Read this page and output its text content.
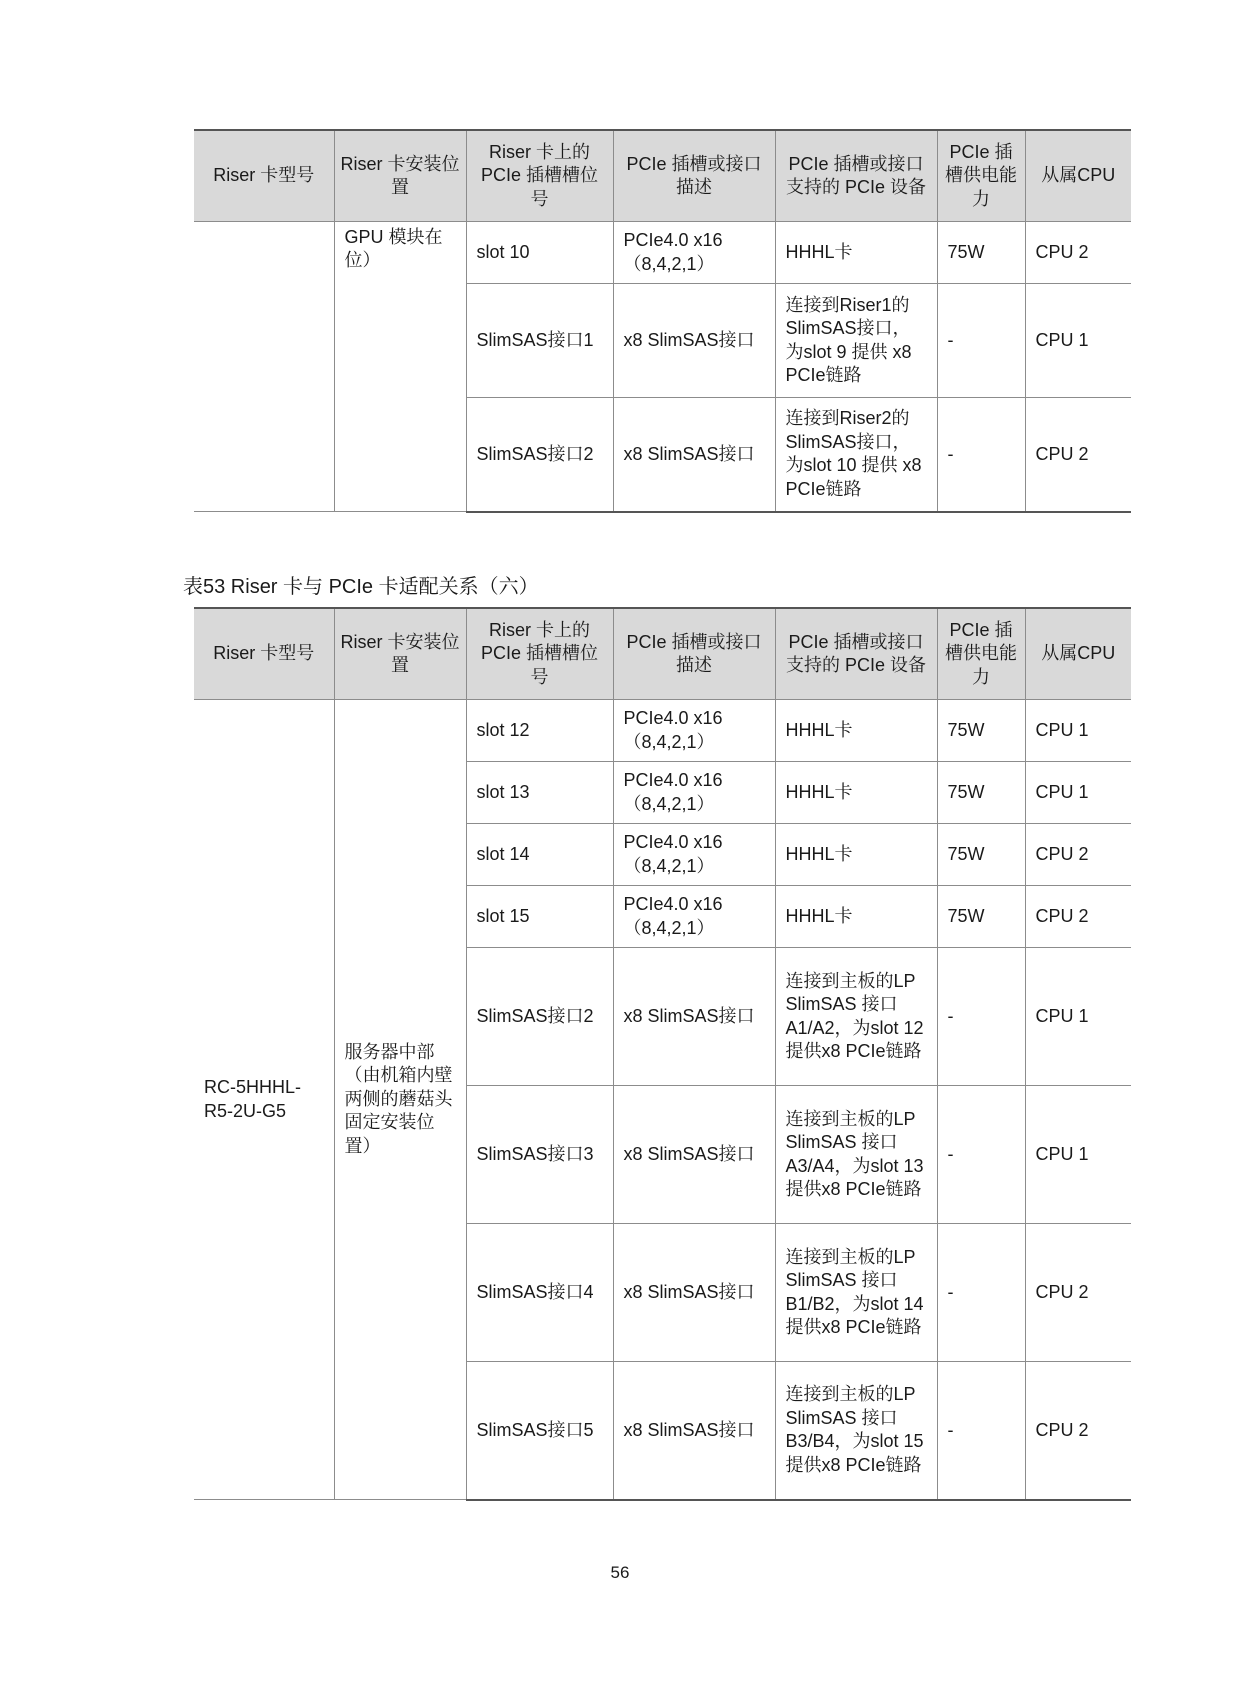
Riser 卡型号	Riser 卡安装位置	Riser 卡上的PCIe 插槽槽位号	PCIe 插槽或接口描述	PCIe 插槽或接口支持的 PCIe 设备	PCIe 插槽供电能力	从属CPU
	GPU 模块在位）	slot 10	PCIe4.0 x16（8,4,2,1）	HHHL卡	75W	CPU 2
		SlimSAS接口1	x8 SlimSAS接口	连接到Riser1的SlimSAS接口，为slot 9 提供 x8 PCIe链路	-	CPU 1
		SlimSAS接口2	x8 SlimSAS接口	连接到Riser2的SlimSAS接口，为slot 10 提供 x8 PCIe链路	-	CPU 2
表53 Riser 卡与 PCIe 卡适配关系（六）
Riser 卡型号	Riser 卡安装位置	Riser 卡上的PCIe 插槽槽位号	PCIe 插槽或接口描述	PCIe 插槽或接口支持的 PCIe 设备	PCIe 插槽供电能力	从属CPU
RC-5HHHL-R5-2U-G5	服务器中部（由机箱内壁两侧的蘑菇头固定安装位置）	slot 12	PCIe4.0 x16（8,4,2,1）	HHHL卡	75W	CPU 1
		slot 13	PCIe4.0 x16（8,4,2,1）	HHHL卡	75W	CPU 1
		slot 14	PCIe4.0 x16（8,4,2,1）	HHHL卡	75W	CPU 2
		slot 15	PCIe4.0 x16（8,4,2,1）	HHHL卡	75W	CPU 2
		SlimSAS接口2	x8 SlimSAS接口	连接到主板的LP SlimSAS 接口A1/A2，为slot 12 提供x8 PCIe链路	-	CPU 1
		SlimSAS接口3	x8 SlimSAS接口	连接到主板的LP SlimSAS 接口A3/A4，为slot 13 提供x8 PCIe链路	-	CPU 1
		SlimSAS接口4	x8 SlimSAS接口	连接到主板的LP SlimSAS 接口B1/B2，为slot 14 提供x8 PCIe链路	-	CPU 2
		SlimSAS接口5	x8 SlimSAS接口	连接到主板的LP SlimSAS 接口B3/B4，为slot 15 提供x8 PCIe链路	-	CPU 2
56
